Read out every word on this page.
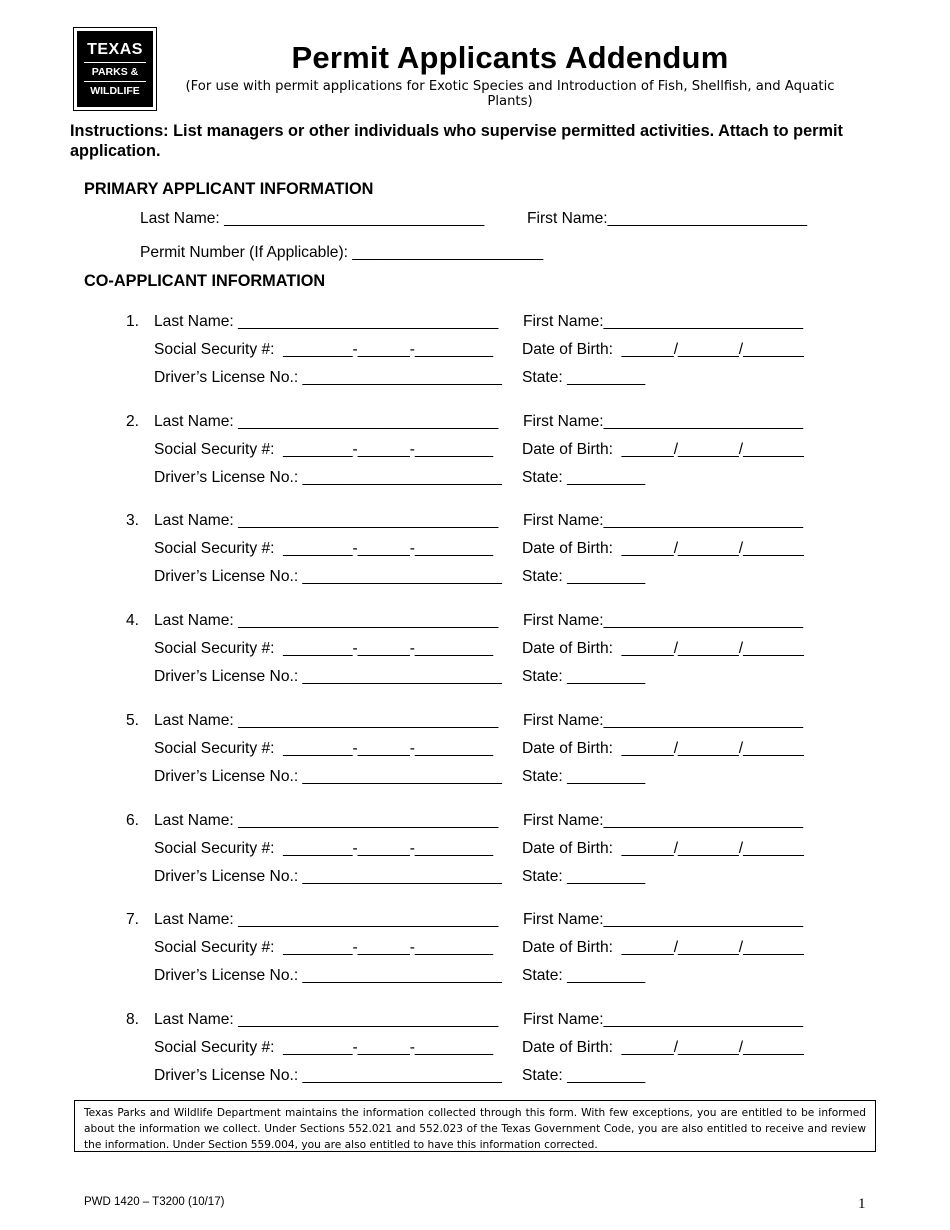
TEXAS
PARKS &
WILDLIFE
Permit Applicants Addendum
(For use with permit applications for Exotic Species and Introduction of Fish, Shellfish, and Aquatic Plants)
Instructions: List managers or other individuals who supervise permitted activities. Attach to permit application.
PRIMARY APPLICANT INFORMATION
Last Name: ______________________________	First Name:_______________________
Permit Number (If Applicable): ______________________
CO-APPLICANT INFORMATION
1. Last Name: ______________________________ First Name:_______________________
Social Security #:  ________-______-_________ Date of Birth:  ______/_______/_______
Driver’s License No.: _______________________ State: _________
2. Last Name: ______________________________ First Name:_______________________
Social Security #:  ________-______-_________ Date of Birth:  ______/_______/_______
Driver’s License No.: _______________________ State: _________
3. Last Name: ______________________________ First Name:_______________________
Social Security #:  ________-______-_________ Date of Birth:  ______/_______/_______
Driver’s License No.: _______________________ State: _________
4. Last Name: ______________________________ First Name:_______________________
Social Security #:  ________-______-_________ Date of Birth:  ______/_______/_______
Driver’s License No.: _______________________ State: _________
5. Last Name: ______________________________ First Name:_______________________
Social Security #:  ________-______-_________ Date of Birth:  ______/_______/_______
Driver’s License No.: _______________________ State: _________
6. Last Name: ______________________________ First Name:_______________________
Social Security #:  ________-______-_________ Date of Birth:  ______/_______/_______
Driver’s License No.: _______________________ State: _________
7. Last Name: ______________________________ First Name:_______________________
Social Security #:  ________-______-_________ Date of Birth:  ______/_______/_______
Driver’s License No.: _______________________ State: _________
8. Last Name: ______________________________ First Name:_______________________
Social Security #:  ________-______-_________ Date of Birth:  ______/_______/_______
Driver’s License No.: _______________________ State: _________
Texas Parks and Wildlife Department maintains the information collected through this form. With few exceptions, you are entitled to be informed about the information we collect. Under Sections 552.021 and 552.023 of the Texas Government Code, you are also entitled to receive and review the information. Under Section 559.004, you are also entitled to have this information corrected.
PWD 1420 – T3200 (10/17)	1
